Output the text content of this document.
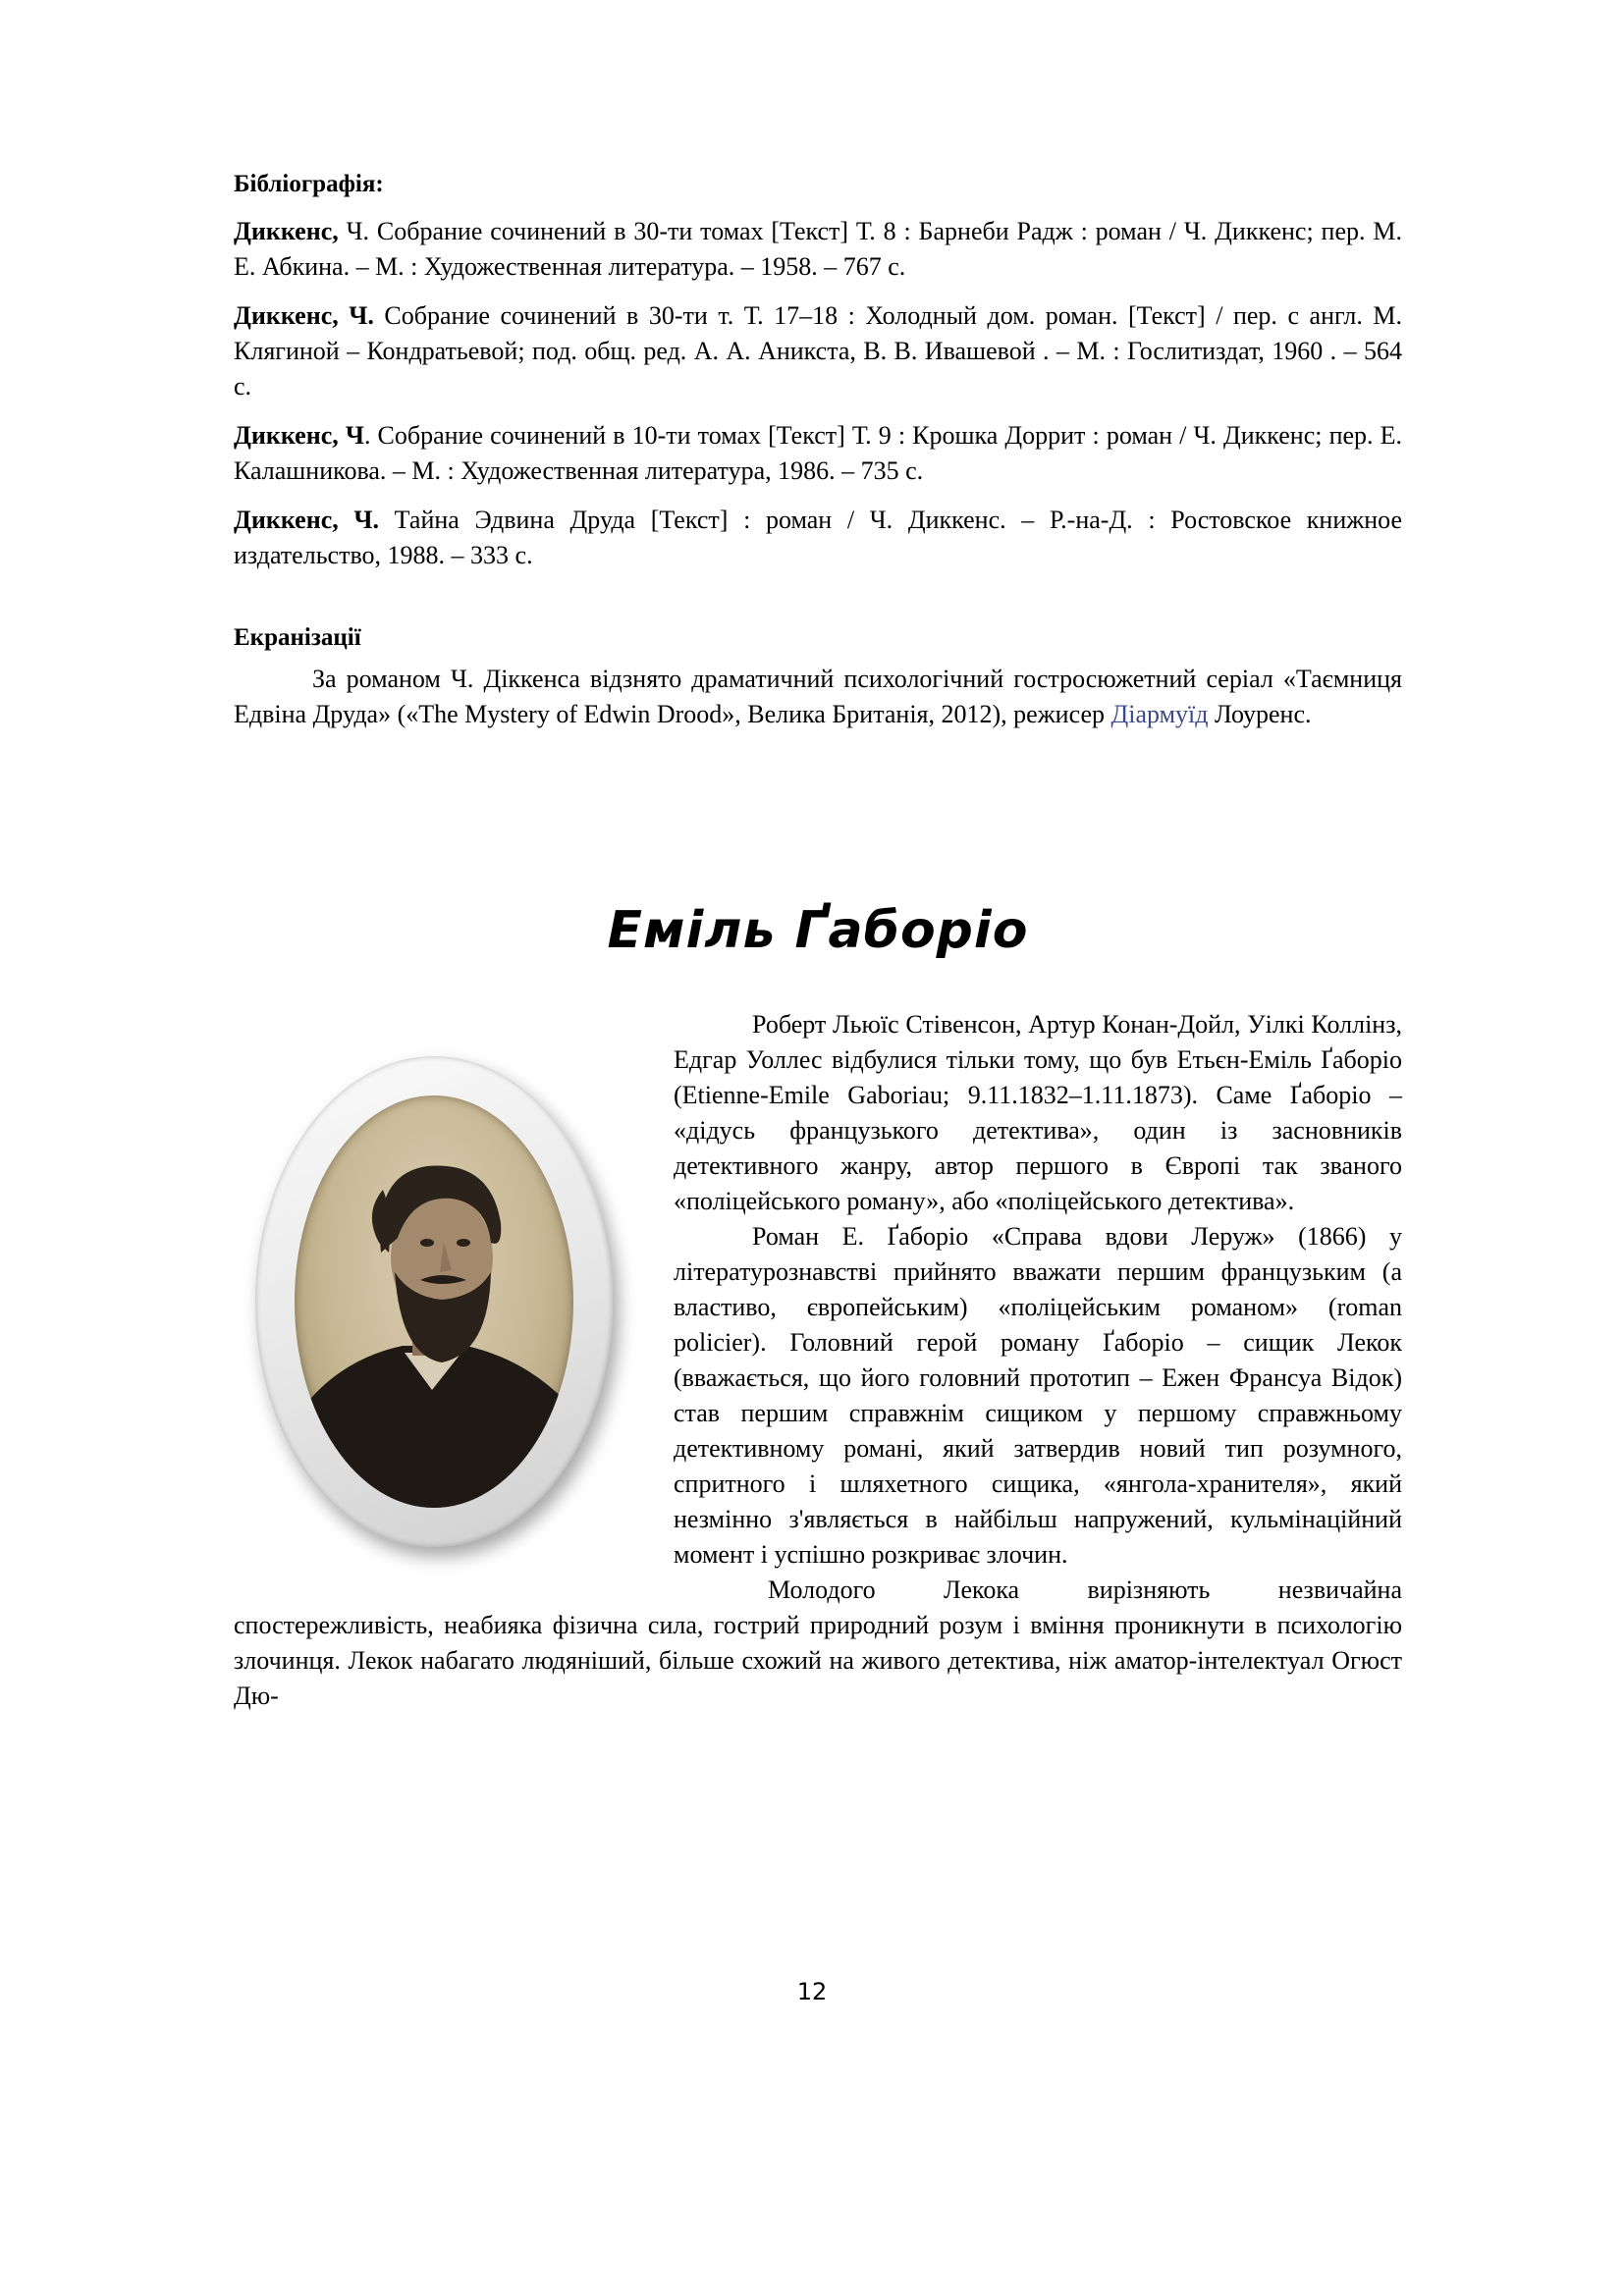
Бібліографія:

Диккенс, Ч. Собрание сочинений в 30-ти томах [Текст] Т. 8 : Барнеби Радж : роман / Ч. Диккенс; пер. М. Е. Абкина. – М. : Художественная литература. – 1958. – 767 с.

Диккенс, Ч. Собрание сочинений в 30-ти т. Т. 17–18 : Холодный дом. роман. [Текст] / пер. с англ. М. Клягиной – Кондратьевой; под. общ. ред. А. А. Аникста, В. В. Ивашевой . – М. : Гослитиздат, 1960 . – 564 с.

Диккенс, Ч. Собрание сочинений в 10-ти томах [Текст] Т. 9 : Крошка Доррит : роман / Ч. Диккенс; пер. Е. Калашникова. – М. : Художественная литература, 1986. – 735 с.

Диккенс, Ч. Тайна Эдвина Друда [Текст] : роман / Ч. Диккенс. – Р.-на-Д. : Ростовское книжное издательство, 1988. – 333 с.

Екранізації

За романом Ч. Діккенса відзнято драматичний психологічний гостросюжетний серіал «Таємниця Едвіна Друда» («The Mystery of Edwin Drood», Велика Британія, 2012), режисер Діармуїд Лоуренс.

Еміль Ґаборіо

Роберт Льюїс Стівенсон, Артур Конан-Дойл, Уілкі Коллінз, Едгар Уоллес відбулися тільки тому, що був Етьєн-Еміль Ґаборіо (Etienne-Emile Gaboriau; 9.11.1832–1.11.1873). Саме Ґаборіо – «дідусь французького детектива», один із засновників детективного жанру, автор першого в Європі так званого «поліцейського роману», або «поліцейського детектива».

Роман Е. Ґаборіо «Справа вдови Леруж» (1866) у літературознавстві прийнято вважати першим французьким (а властиво, європейським) «поліцейським романом» (roman policier). Головний герой роману Ґаборіо – сищик Лекок (вважається, що його головний прототип – Ежен Франсуа Відок) став першим справжнім сищиком у першому справжньому детективному романі, який затвердив новий тип розумного, спритного і шляхетного сищика, «янгола-хранителя», який незмінно з'являється в найбільш напружений, кульмінаційний момент і успішно розкриває злочин.

Молодого Лекока вирізняють незвичайна спостережливість, неабияка фізична сила, гострий природний розум і вміння проникнути в психологію злочинця. Лекок набагато людяніший, більше схожий на живого детектива, ніж аматор-інтелектуал Огюст Дю-

12
